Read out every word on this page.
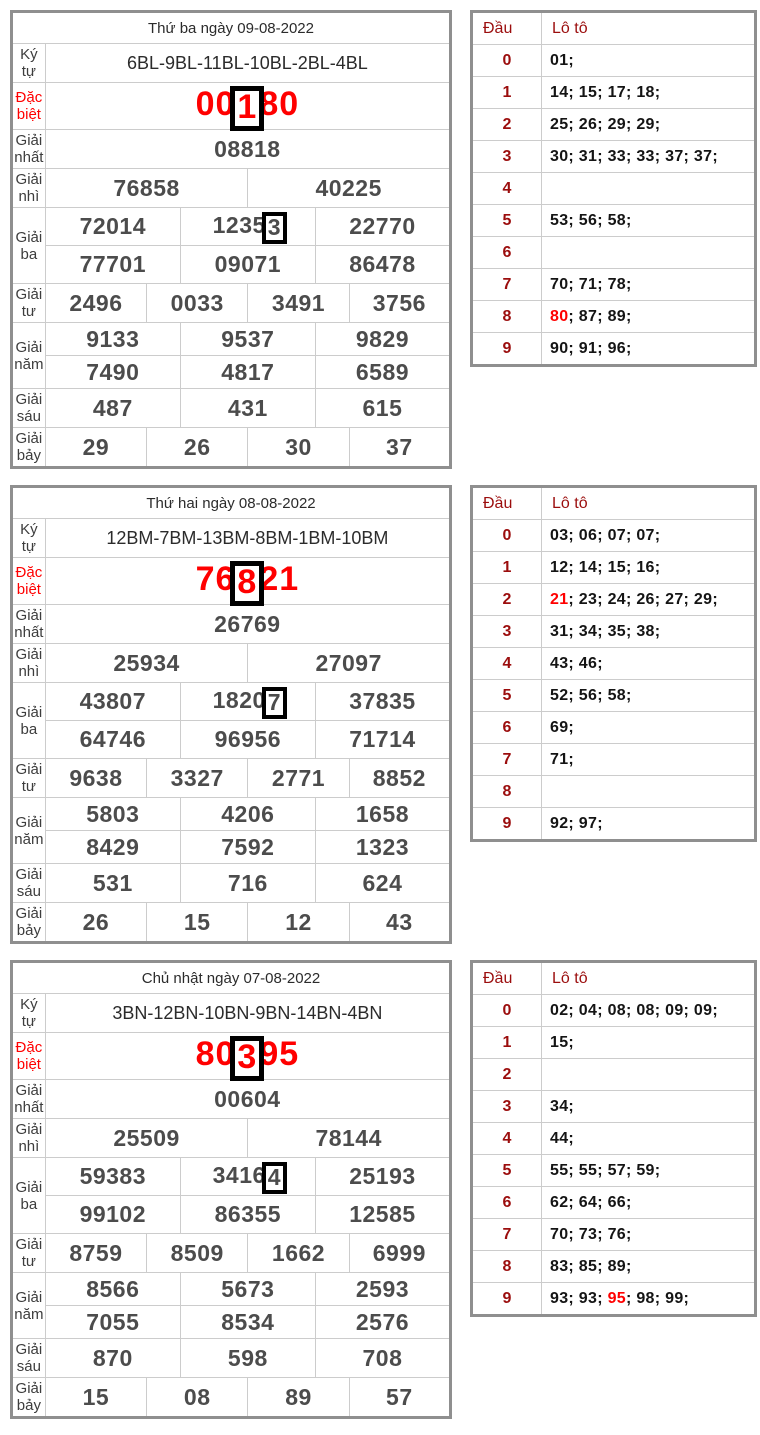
Thứ ba ngày 09-08-2022						
Ký tự	6BL-9BL-11BL-10BL-2BL-4BL					
Đặc biệt	00180					
Giải nhất	08818					
Giải nhì	76858			40225		
Giải ba	72014		12353		22770	
	77701		09071		86478	
Giải tư	2496	0033		3491		3756
Giải năm	9133		9537		9829	
	7490		4817		6589	
Giải sáu	487		431		615	
Giải bảy	29	26		30		37
Đầu	Lô tô
0	01;
1	14; 15; 17; 18;
2	25; 26; 29; 29;
3	30; 31; 33; 33; 37; 37;
4	
5	53; 56; 58;
6	
7	70; 71; 78;
8	80; 87; 89;
9	90; 91; 96;
Thứ hai ngày 08-08-2022						
Ký tự	12BM-7BM-13BM-8BM-1BM-10BM					
Đặc biệt	76821					
Giải nhất	26769					
Giải nhì	25934			27097		
Giải ba	43807		18207		37835	
	64746		96956		71714	
Giải tư	9638	3327		2771		8852
Giải năm	5803		4206		1658	
	8429		7592		1323	
Giải sáu	531		716		624	
Giải bảy	26	15		12		43
Đầu	Lô tô
0	03; 06; 07; 07;
1	12; 14; 15; 16;
2	21; 23; 24; 26; 27; 29;
3	31; 34; 35; 38;
4	43; 46;
5	52; 56; 58;
6	69;
7	71;
8	
9	92; 97;
Chủ nhật ngày 07-08-2022						
Ký tự	3BN-12BN-10BN-9BN-14BN-4BN					
Đặc biệt	80395					
Giải nhất	00604					
Giải nhì	25509			78144		
Giải ba	59383		34164		25193	
	99102		86355		12585	
Giải tư	8759	8509		1662		6999
Giải năm	8566		5673		2593	
	7055		8534		2576	
Giải sáu	870		598		708	
Giải bảy	15	08		89		57
Đầu	Lô tô
0	02; 04; 08; 08; 09; 09;
1	15;
2	
3	34;
4	44;
5	55; 55; 57; 59;
6	62; 64; 66;
7	70; 73; 76;
8	83; 85; 89;
9	93; 93; 95; 98; 99;
